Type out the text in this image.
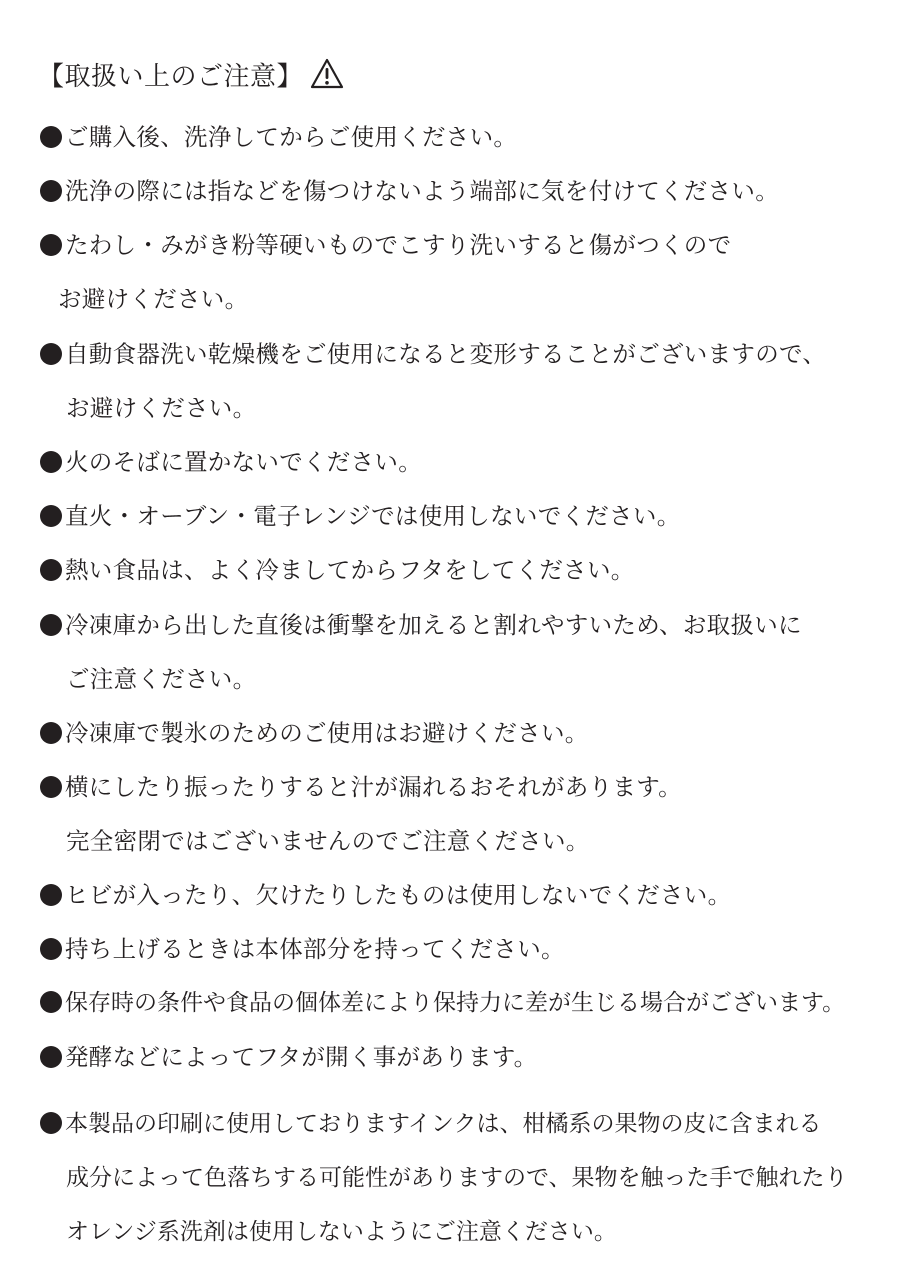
【取扱い上のご注意】
ご購入後、洗浄してからご使用ください。
洗浄の際には指などを傷つけないよう端部に気を付けてください。
たわし・みがき粉等硬いものでこすり洗いすると傷がつくので
お避けください。
自動食器洗い乾燥機をご使用になると変形することがございますので、
お避けください。
火のそばに置かないでください。
直火・オーブン・電子レンジでは使用しないでください。
熱い食品は、よく冷ましてからフタをしてください。
冷凍庫から出した直後は衝撃を加えると割れやすいため、お取扱いに
ご注意ください。
冷凍庫で製氷のためのご使用はお避けください。
横にしたり振ったりすると汁が漏れるおそれがあります。
完全密閉ではございませんのでご注意ください。
ヒビが入ったり、欠けたりしたものは使用しないでください。
持ち上げるときは本体部分を持ってください。
保存時の条件や食品の個体差により保持力に差が生じる場合がございます。
発酵などによってフタが開く事があります。
本製品の印刷に使用しておりますインクは、柑橘系の果物の皮に含まれる
成分によって色落ちする可能性がありますので、果物を触った手で触れたり
オレンジ系洗剤は使用しないようにご注意ください。
